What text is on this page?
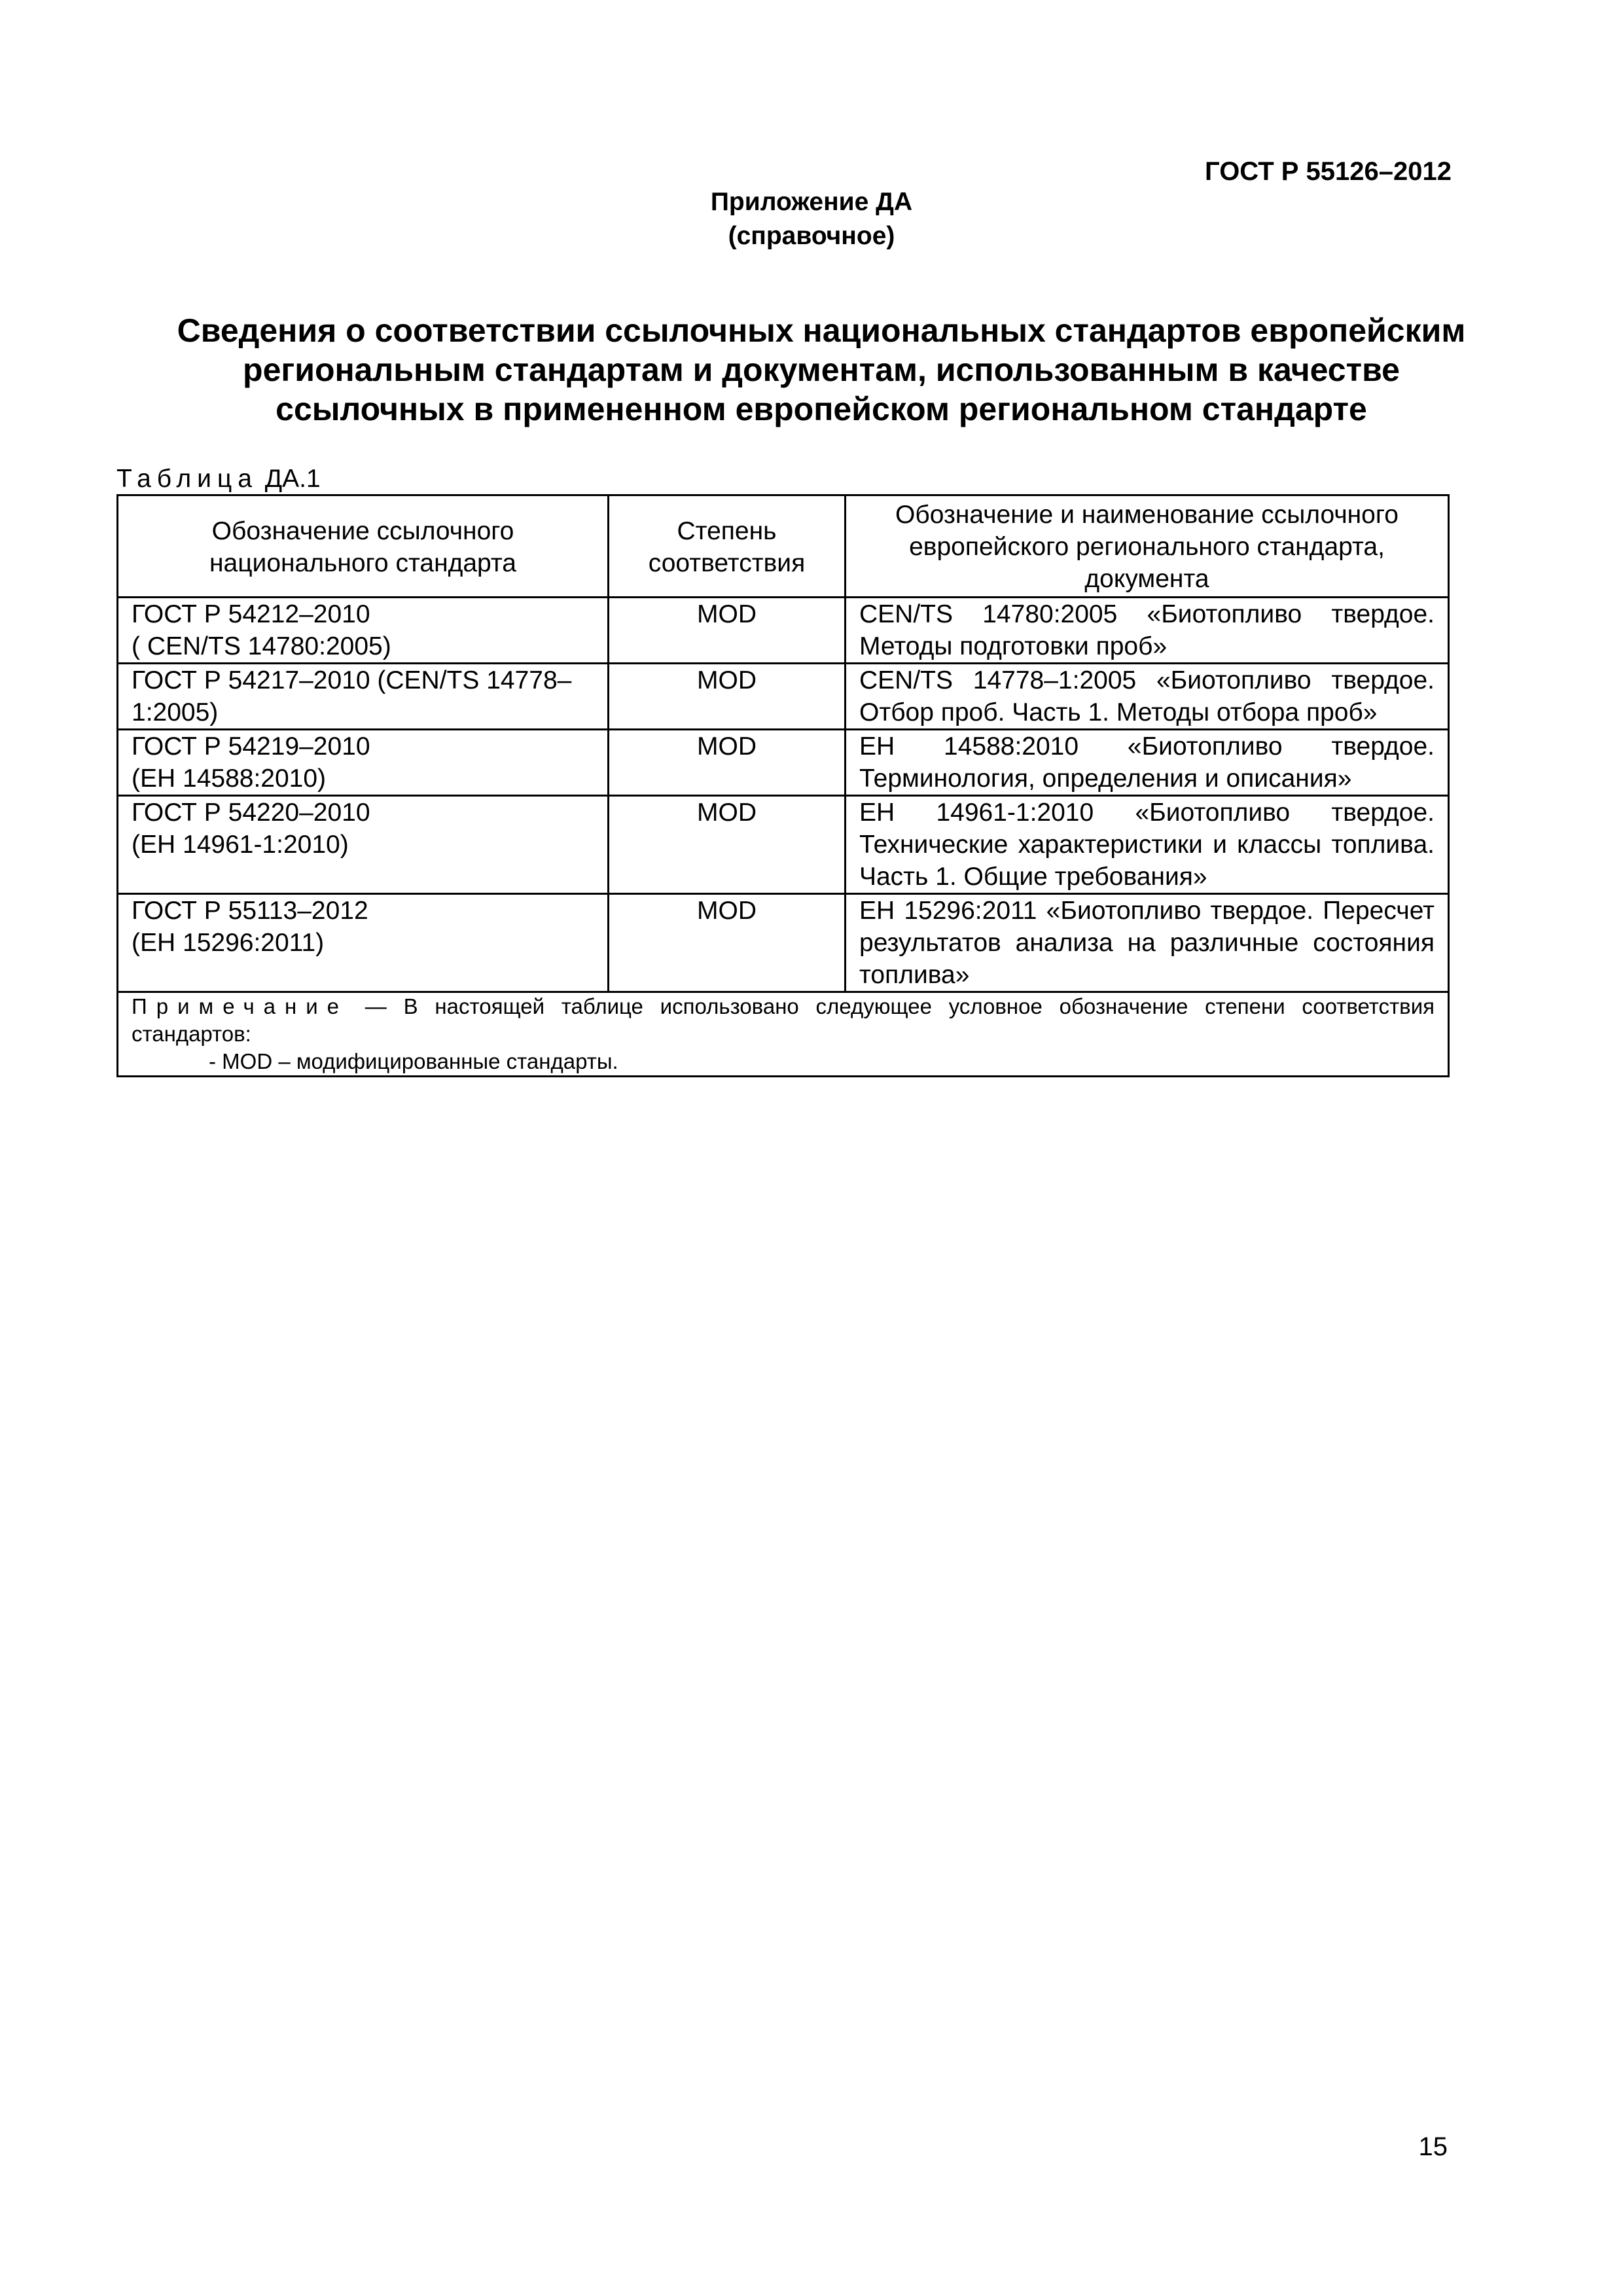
ГОСТ Р 55126–2012
Приложение ДА
(справочное)
Сведения о соответствии ссылочных национальных стандартов европейским
региональным стандартам и документам, использованным в качестве
ссылочных в примененном европейском региональном стандарте
Таблица ДА.1
Обозначение ссылочного национального стандарта	Степень соответствия	Обозначение и наименование ссылочного европейского регионального стандарта, документа
ГОСТ Р 54212–2010
( CEN/TS 14780:2005)	MOD	CEN/TS 14780:2005 «Биотопливо твердое. Методы подготовки проб»
ГОСТ Р 54217–2010 (CEN/TS 14778–1:2005)	MOD	CEN/TS 14778–1:2005 «Биотопливо твердое. Отбор проб. Часть 1. Методы отбора проб»
ГОСТ Р 54219–2010
(ЕН 14588:2010)	MOD	ЕН 14588:2010 «Биотопливо твердое. Терминология, определения и описания»
ГОСТ Р 54220–2010
(ЕН 14961-1:2010)	MOD	ЕН 14961-1:2010 «Биотопливо твердое. Технические характеристики и классы топлива. Часть 1. Общие требования»
ГОСТ Р 55113–2012
(ЕН 15296:2011)	MOD	ЕН 15296:2011 «Биотопливо твердое. Пересчет результатов анализа на различные состояния топлива»
Примечание — В настоящей таблице использовано следующее условное обозначение степени соответствия стандартов:
- MOD – модифицированные стандарты.		
15
